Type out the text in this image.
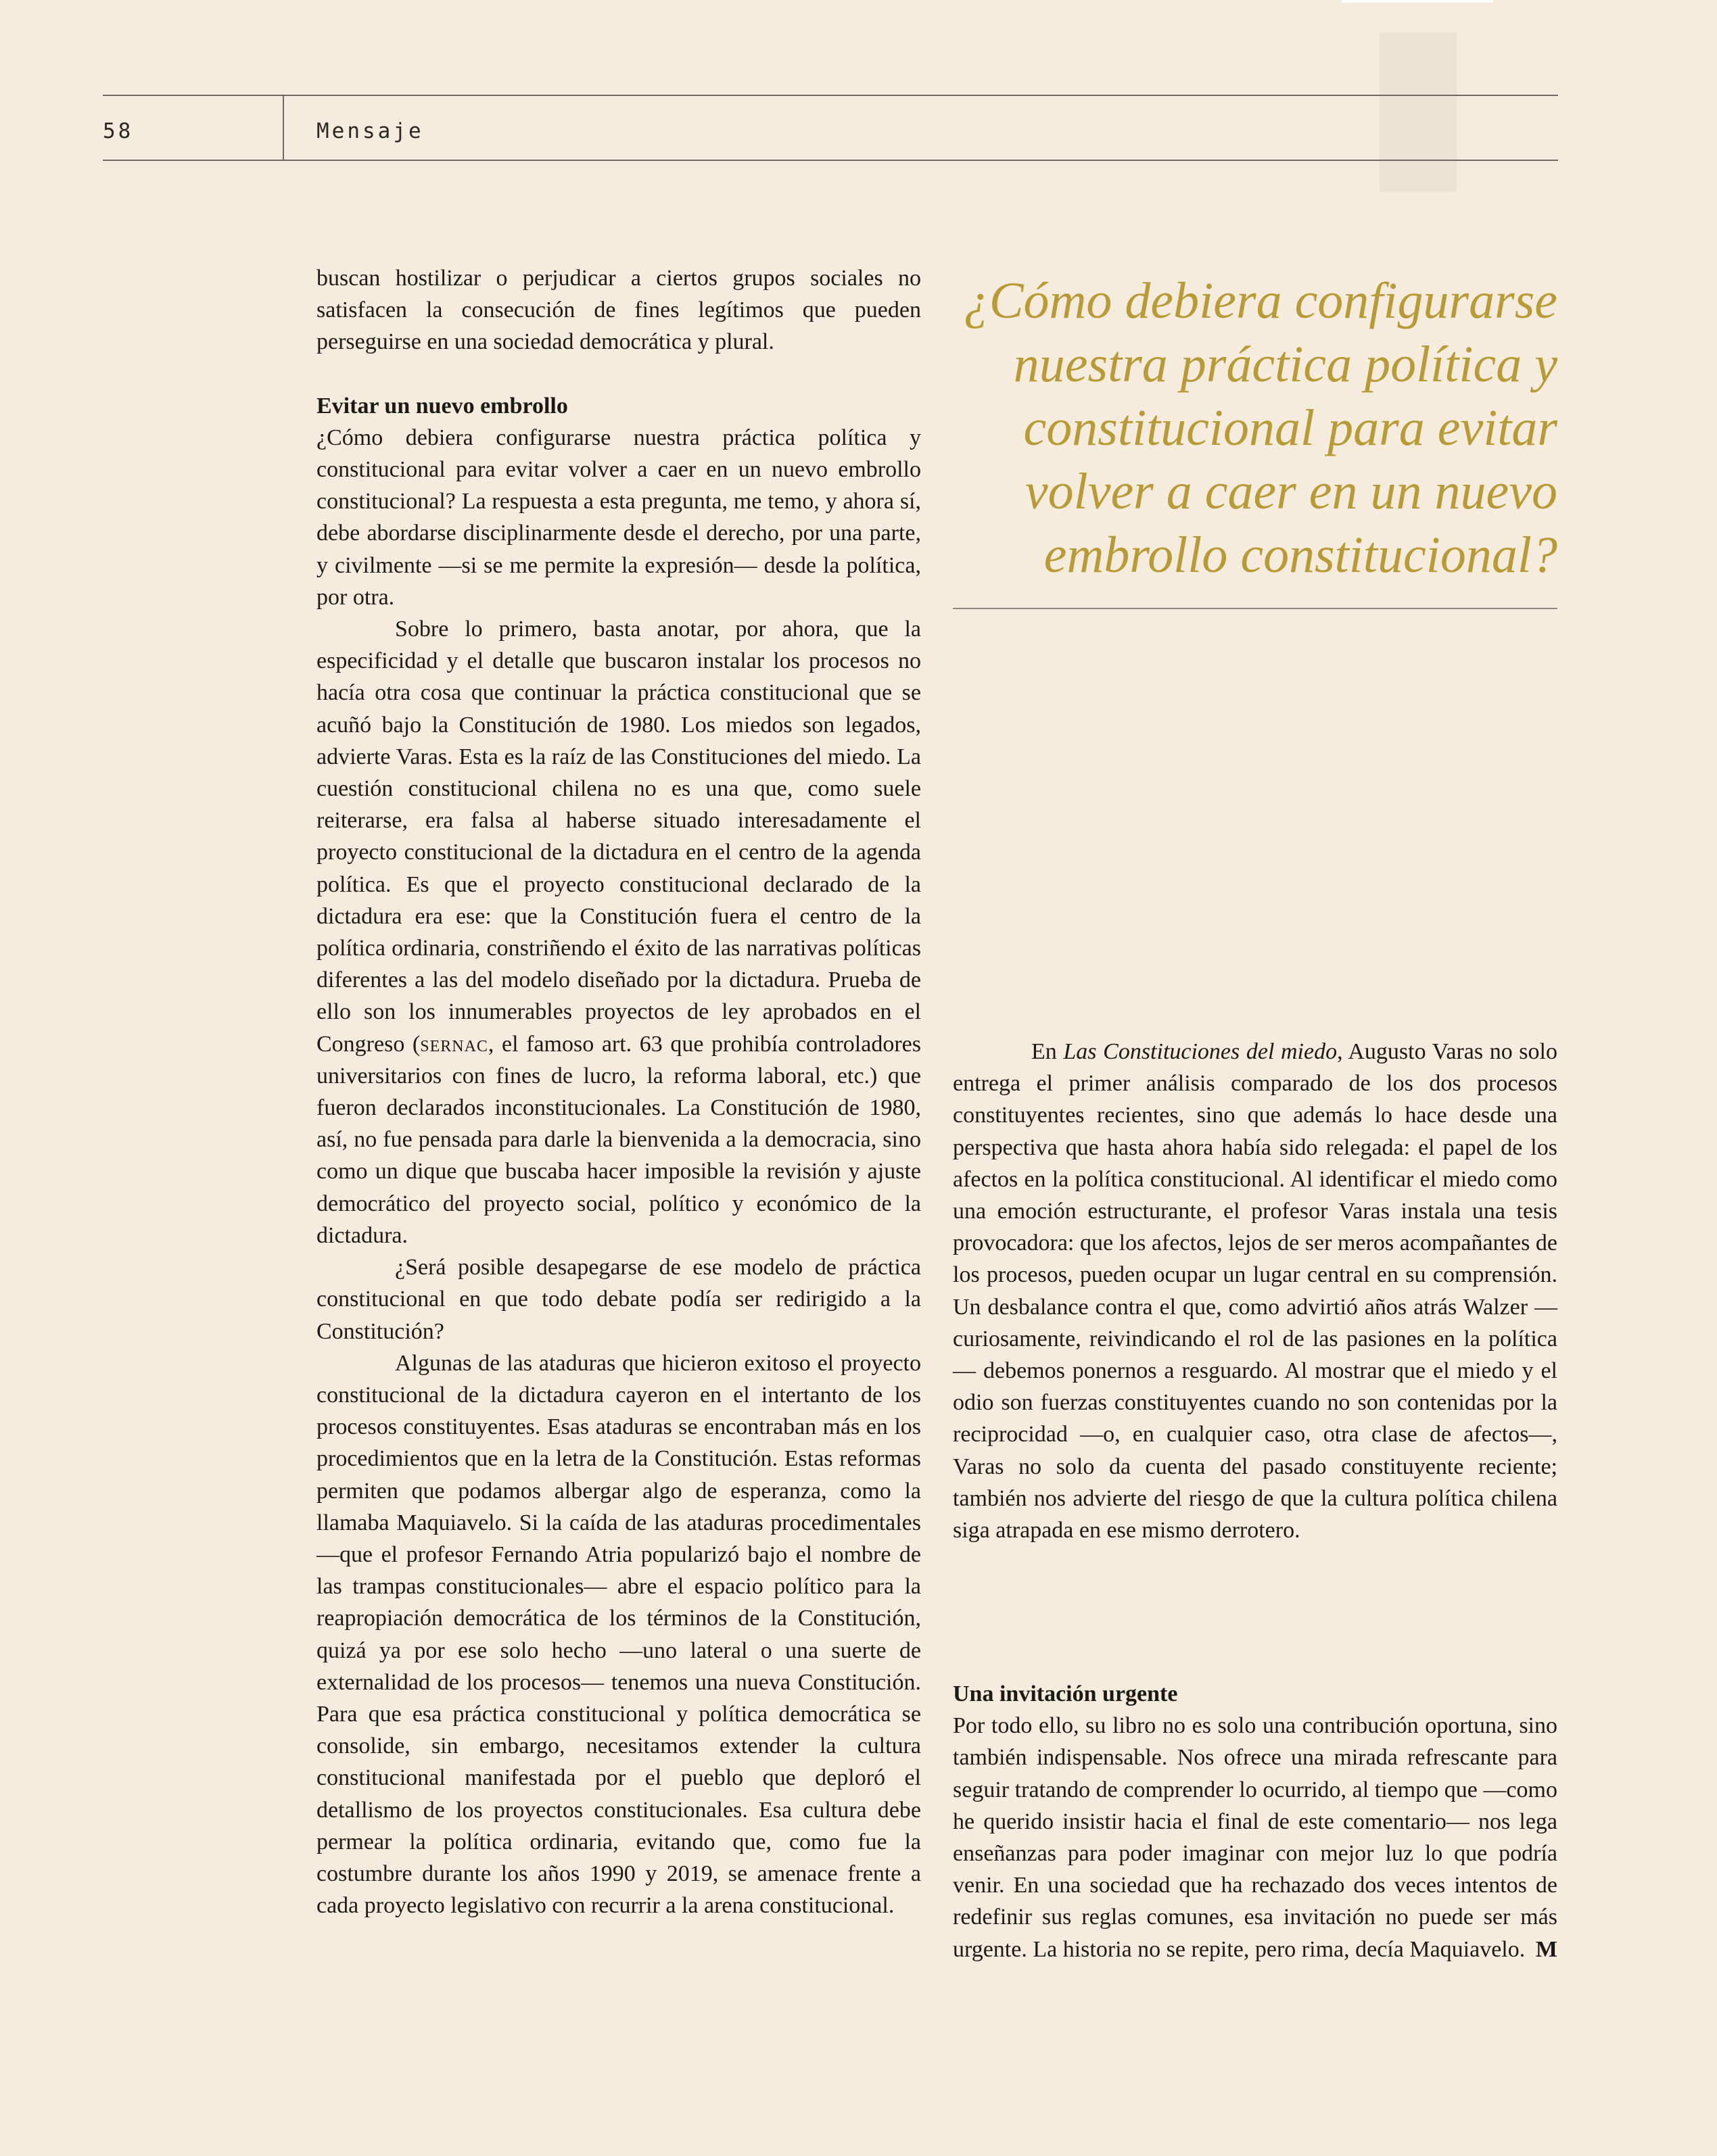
58	Mensaje

buscan hostilizar o perjudicar a ciertos grupos sociales no satisfacen la consecución de fines legítimos que pueden perseguirse en una sociedad democrática y plural.

Evitar un nuevo embrollo

¿Cómo debiera configurarse nuestra práctica política y constitucional para evitar volver a caer en un nuevo embrollo constitucional? La respuesta a esta pregunta, me temo, y ahora sí, debe abordarse disciplinarmente desde el derecho, por una parte, y civilmente —si se me permite la expresión— desde la política, por otra.

Sobre lo primero, basta anotar, por ahora, que la especificidad y el detalle que buscaron instalar los procesos no hacía otra cosa que continuar la práctica constitucional que se acuñó bajo la Constitución de 1980. Los miedos son legados, advierte Varas. Esta es la raíz de las Constituciones del miedo. La cuestión constitucional chilena no es una que, como suele reiterarse, era falsa al haberse situado interesadamente el proyecto constitucional de la dictadura en el centro de la agenda política. Es que el proyecto constitucional declarado de la dictadura era ese: que la Constitución fuera el centro de la política ordinaria, constriñendo el éxito de las narrativas políticas diferentes a las del modelo diseñado por la dictadura. Prueba de ello son los innumerables proyectos de ley aprobados en el Congreso (sernac, el famoso art. 63 que prohibía controladores universitarios con fines de lucro, la reforma laboral, etc.) que fueron declarados inconstitucionales. La Constitución de 1980, así, no fue pensada para darle la bienvenida a la democracia, sino como un dique que buscaba hacer imposible la revisión y ajuste democrático del proyecto social, político y económico de la dictadura.

¿Será posible desapegarse de ese modelo de práctica constitucional en que todo debate podía ser redirigido a la Constitución?

Algunas de las ataduras que hicieron exitoso el proyecto constitucional de la dictadura cayeron en el intertanto de los procesos constituyentes. Esas ataduras se encontraban más en los procedimientos que en la letra de la Constitución. Estas reformas permiten que podamos albergar algo de esperanza, como la llamaba Maquiavelo. Si la caída de las ataduras procedimentales —que el profesor Fernando Atria popularizó bajo el nombre de las trampas constitucionales— abre el espacio político para la reapropiación democrática de los términos de la Constitución, quizá ya por ese solo hecho —uno lateral o una suerte de externalidad de los procesos— tenemos una nueva Constitución. Para que esa práctica constitucional y política democrática se consolide, sin embargo, necesitamos extender la cultura constitucional manifestada por el pueblo que deploró el detallismo de los proyectos constitucionales. Esa cultura debe permear la política ordinaria, evitando que, como fue la costumbre durante los años 1990 y 2019, se amenace frente a cada proyecto legislativo con recurrir a la arena constitucional.

¿Cómo debiera configurarse nuestra práctica política y constitucional para evitar volver a caer en un nuevo embrollo constitucional?

En Las Constituciones del miedo, Augusto Varas no solo entrega el primer análisis comparado de los dos procesos constituyentes recientes, sino que además lo hace desde una perspectiva que hasta ahora había sido relegada: el papel de los afectos en la política constitucional. Al identificar el miedo como una emoción estructurante, el profesor Varas instala una tesis provocadora: que los afectos, lejos de ser meros acompañantes de los procesos, pueden ocupar un lugar central en su comprensión. Un desbalance contra el que, como advirtió años atrás Walzer —curiosamente, reivindicando el rol de las pasiones en la política— debemos ponernos a resguardo. Al mostrar que el miedo y el odio son fuerzas constituyentes cuando no son contenidas por la reciprocidad —o, en cualquier caso, otra clase de afectos—, Varas no solo da cuenta del pasado constituyente reciente; también nos advierte del riesgo de que la cultura política chilena siga atrapada en ese mismo derrotero.

Una invitación urgente

Por todo ello, su libro no es solo una contribución oportuna, sino también indispensable. Nos ofrece una mirada refrescante para seguir tratando de comprender lo ocurrido, al tiempo que —como he querido insistir hacia el final de este comentario— nos lega enseñanzas para poder imaginar con mejor luz lo que podría venir. En una sociedad que ha rechazado dos veces intentos de redefinir sus reglas comunes, esa invitación no puede ser más urgente. La historia no se repite, pero rima, decía Maquiavelo. M
